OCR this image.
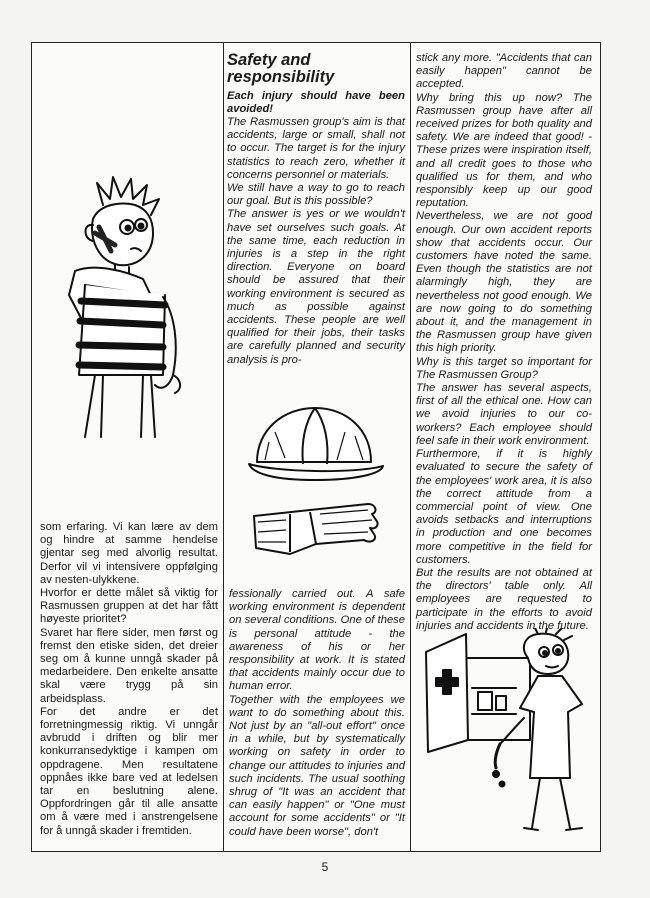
som erfaring. Vi kan lære av dem og hindre at samme hendelse gjentar seg med alvorlig resultat. Derfor vil vi intensivere oppfølging av nesten-ulykkene.

Hvorfor er dette målet så viktig for Rasmussen gruppen at det har fått høyeste prioritet?

Svaret har flere sider, men først og fremst den etiske siden, det dreier seg om å kunne unngå skader på medarbeidere. Den enkelte ansatte skal være trygg på sin arbeidsplass.

For det andre er det forretningmessig riktig. Vi unngår avbrudd i driften og blir mer konkurransedyktige i kampen om oppdragene. Men resultatene oppnåes ikke bare ved at ledelsen tar en beslutning alene. Oppfordringen går til alle ansatte om å være med i anstrengelsene for å unngå skader i fremtiden.

Safety and
responsibility

Each injury should have been avoided!

The Rasmussen group's aim is that accidents, large or small, shall not to occur. The target is for the injury statistics to reach zero, whether it concerns personnel or materials.

We still have a way to go to reach our goal. But is this possible?

The answer is yes or we wouldn't have set ourselves such goals. At the same time, each reduction in injuries is a step in the right direction. Everyone on board should be assured that their working environment is secured as much as possible against accidents. These people are well qualified for their jobs, their tasks are carefully planned and security analysis is pro-

fessionally carried out. A safe working environment is dependent on several conditions. One of these is personal attitude - the awareness of his or her responsibility at work. It is stated that accidents mainly occur due to human error.

Together with the employees we want to do something about this. Not just by an "all-out effort" once in a while, but by systematically working on safety in order to change our attitudes to injuries and such incidents. The usual soothing shrug of "It was an accident that can easily happen" or "One must account for some accidents" or "It could have been worse", don't

stick any more. "Accidents that can easily happen" cannot be accepted.

Why bring this up now? The Rasmussen group have after all received prizes for both quality and safety. We are indeed that good! - These prizes were inspiration itself, and all credit goes to those who qualified us for them, and who responsibly keep up our good reputation.

Nevertheless, we are not good enough. Our own accident reports show that accidents occur. Our customers have noted the same. Even though the statistics are not alarmingly high, they are nevertheless not good enough. We are now going to do something about it, and the management in the Rasmussen group have given this high priority.

Why is this target so important for The Rasmussen Group?

The answer has several aspects, first of all the ethical one. How can we avoid injuries to our co-workers? Each employee should feel safe in their work environment.

Furthermore, if it is highly evaluated to secure the safety of the employees' work area, it is also the correct attitude from a commercial point of view. One avoids setbacks and interruptions in production and one becomes more competitive in the field for customers.

But the results are not obtained at the directors' table only. All employees are requested to participate in the efforts to avoid injuries and accidents in the future.

5
